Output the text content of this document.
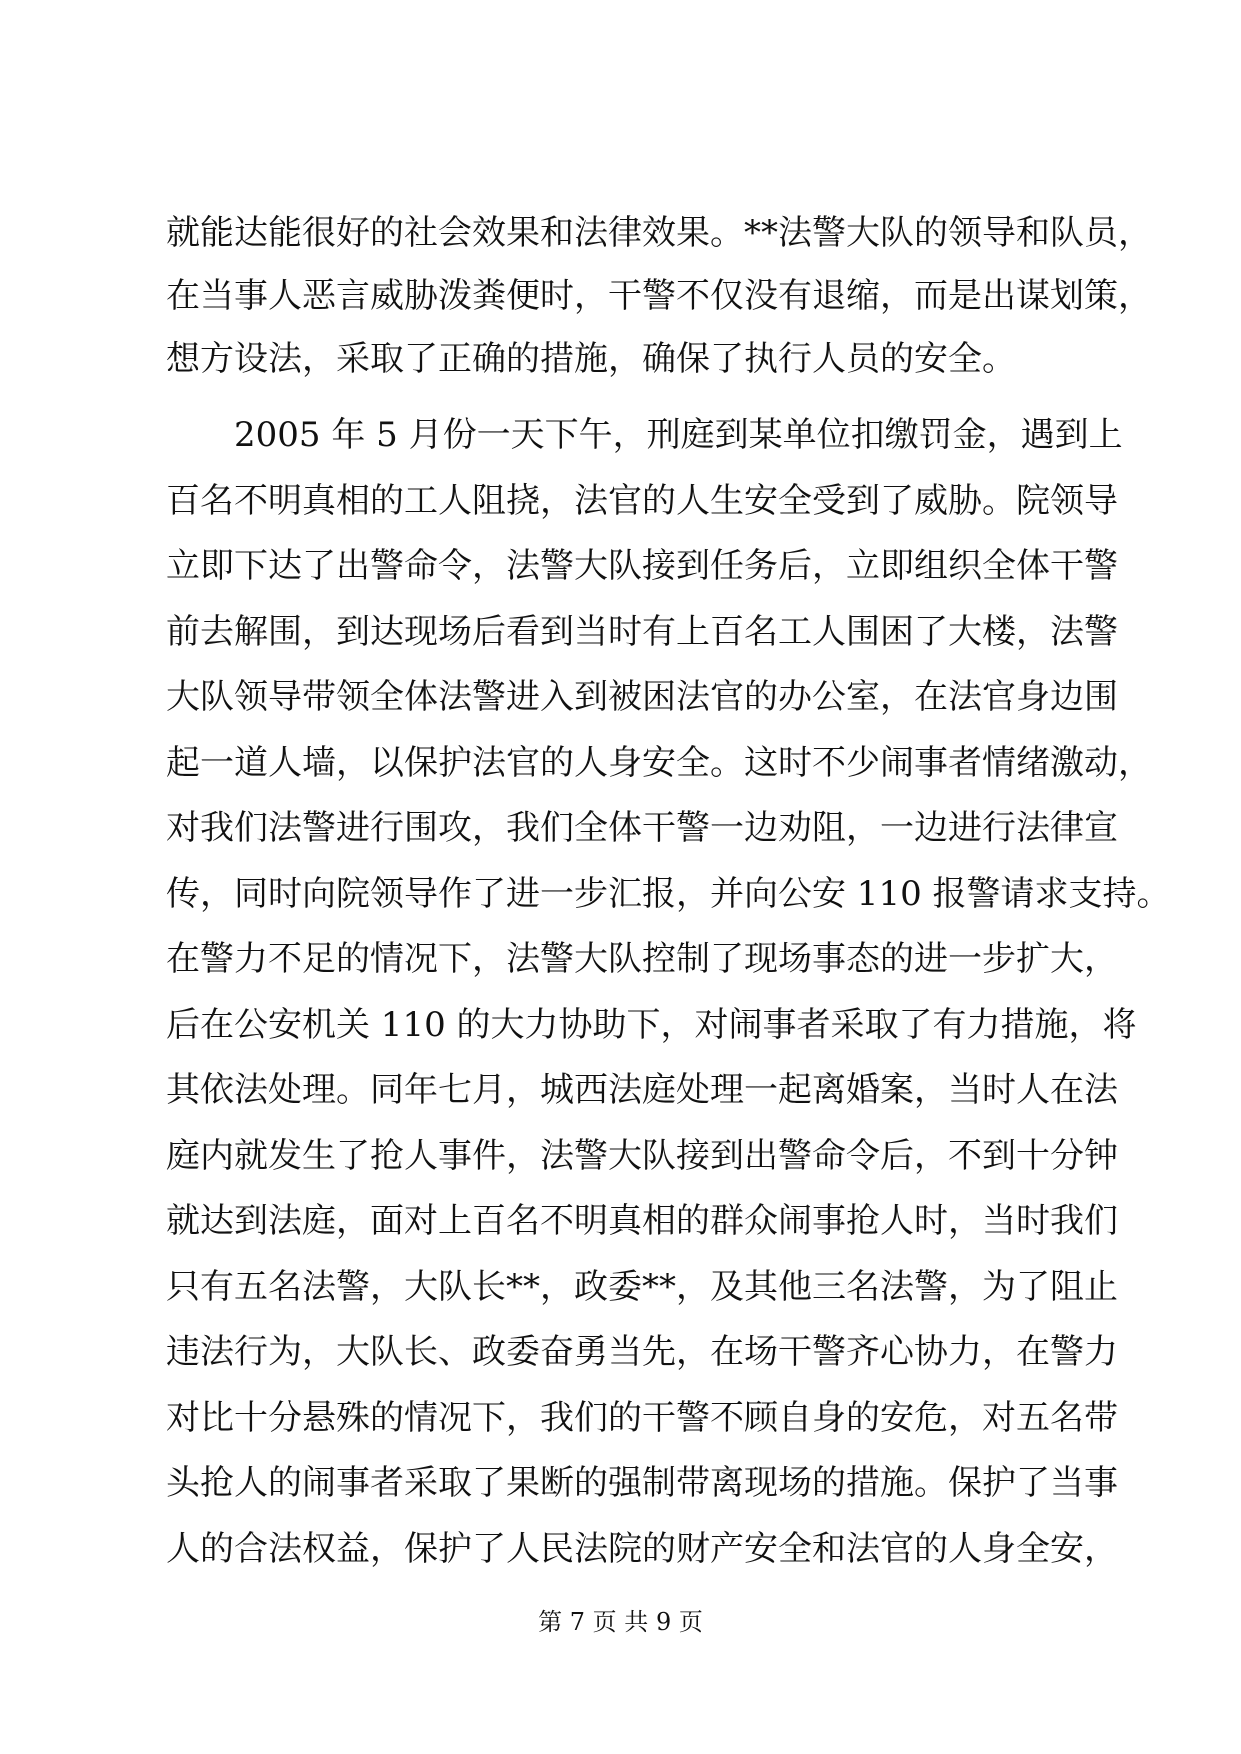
就能达能很好的社会效果和法律效果。**法警大队的领导和队员，
在当事人恶言威胁泼粪便时，干警不仅没有退缩，而是出谋划策，
想方设法，采取了正确的措施，确保了执行人员的安全。
　　2005 年 5 月份一天下午，刑庭到某单位扣缴罚金，遇到上
百名不明真相的工人阻挠，法官的人生安全受到了威胁。院领导
立即下达了出警命令，法警大队接到任务后，立即组织全体干警
前去解围，到达现场后看到当时有上百名工人围困了大楼，法警
大队领导带领全体法警进入到被困法官的办公室，在法官身边围
起一道人墙，以保护法官的人身安全。这时不少闹事者情绪激动，
对我们法警进行围攻，我们全体干警一边劝阻，一边进行法律宣
传，同时向院领导作了进一步汇报，并向公安 110 报警请求支持。
在警力不足的情况下，法警大队控制了现场事态的进一步扩大，
后在公安机关 110 的大力协助下，对闹事者采取了有力措施，将
其依法处理。同年七月，城西法庭处理一起离婚案，当时人在法
庭内就发生了抢人事件，法警大队接到出警命令后，不到十分钟
就达到法庭，面对上百名不明真相的群众闹事抢人时，当时我们
只有五名法警，大队长**，政委**，及其他三名法警，为了阻止
违法行为，大队长、政委奋勇当先，在场干警齐心协力，在警力
对比十分悬殊的情况下，我们的干警不顾自身的安危，对五名带
头抢人的闹事者采取了果断的强制带离现场的措施。保护了当事
人的合法权益，保护了人民法院的财产安全和法官的人身全安，
第 7 页 共 9 页
